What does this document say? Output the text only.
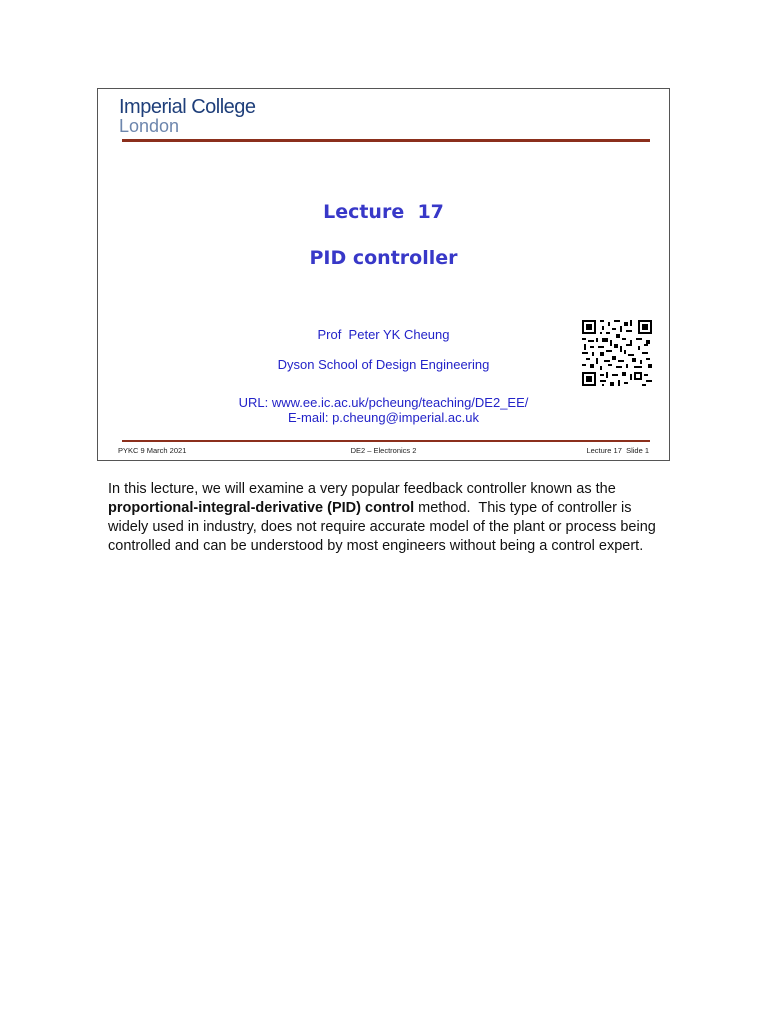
Imperial College
London
Lecture  17
PID controller
Prof  Peter YK Cheung
Dyson School of Design Engineering
URL: www.ee.ic.ac.uk/pcheung/teaching/DE2_EE/
E-mail: p.cheung@imperial.ac.uk
PYKC 9 March 2021	DE2 – Electronics 2	Lecture 17  Slide 1
In this lecture, we will examine a very popular feedback controller known as the proportional-integral-derivative (PID) control method.  This type of controller is widely used in industry, does not require accurate model of the plant or process being controlled and can be understood by most engineers without being a control expert.
